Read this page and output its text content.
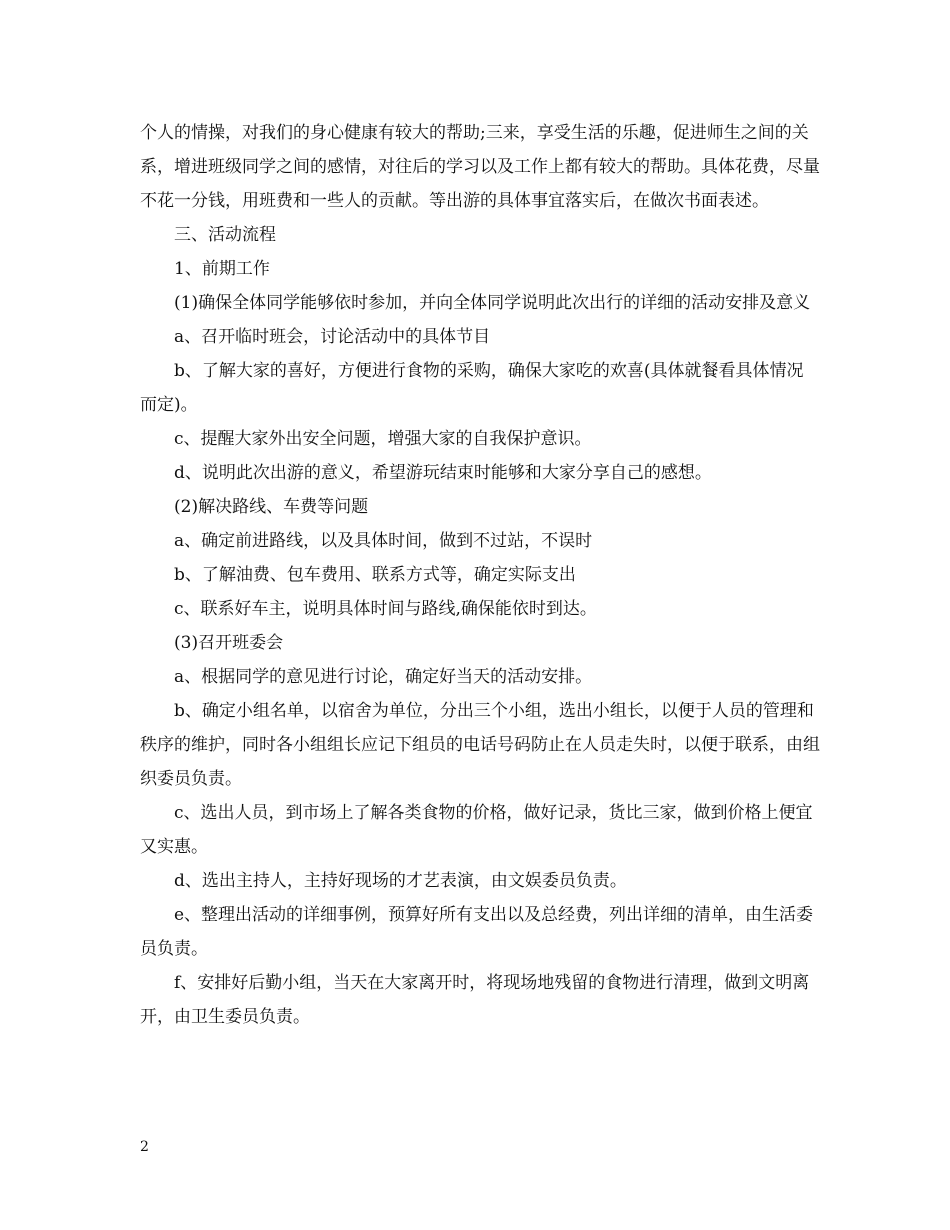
个人的情操，对我们的身心健康有较大的帮助;三来，享受生活的乐趣，促进师生之间的关系，增进班级同学之间的感情，对往后的学习以及工作上都有较大的帮助。具体花费，尽量不花一分钱，用班费和一些人的贡献。等出游的具体事宜落实后，在做次书面表述。

三、活动流程

1、前期工作

(1)确保全体同学能够依时参加，并向全体同学说明此次出行的详细的活动安排及意义

a、召开临时班会，讨论活动中的具体节目

b、了解大家的喜好，方便进行食物的采购，确保大家吃的欢喜(具体就餐看具体情况而定)。

c、提醒大家外出安全问题，增强大家的自我保护意识。

d、说明此次出游的意义，希望游玩结束时能够和大家分享自己的感想。

(2)解决路线、车费等问题

a、确定前进路线，以及具体时间，做到不过站，不误时

b、了解油费、包车费用、联系方式等，确定实际支出

c、联系好车主，说明具体时间与路线,确保能依时到达。

(3)召开班委会

a、根据同学的意见进行讨论，确定好当天的活动安排。

b、确定小组名单，以宿舍为单位，分出三个小组，选出小组长，以便于人员的管理和秩序的维护，同时各小组组长应记下组员的电话号码防止在人员走失时，以便于联系，由组织委员负责。

c、选出人员，到市场上了解各类食物的价格，做好记录，货比三家，做到价格上便宜又实惠。

d、选出主持人，主持好现场的才艺表演，由文娱委员负责。

e、整理出活动的详细事例，预算好所有支出以及总经费，列出详细的清单，由生活委员负责。

f、安排好后勤小组，当天在大家离开时，将现场地残留的食物进行清理，做到文明离开，由卫生委员负责。

2
